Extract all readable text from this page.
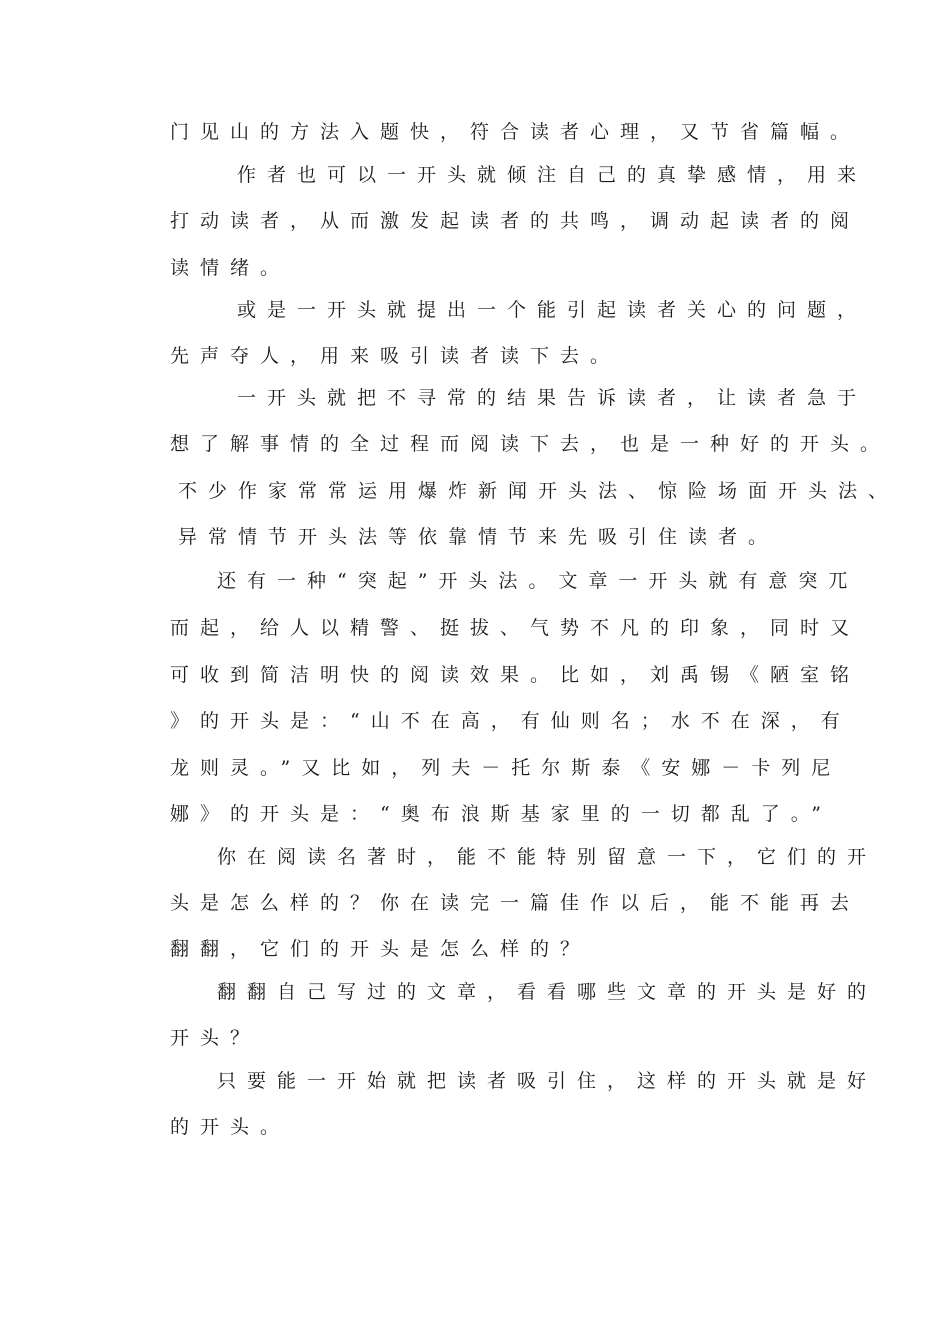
门见山的方法入题快，符合读者心理，又节省篇幅。
作者也可以一开头就倾注自己的真挚感情，用来
打动读者，从而激发起读者的共鸣，调动起读者的阅
读情绪。
或是一开头就提出一个能引起读者关心的问题，
先声夺人，用来吸引读者读下去。
一开头就把不寻常的结果告诉读者，让读者急于
想了解事情的全过程而阅读下去，也是一种好的开头。
不少作家常常运用爆炸新闻开头法、惊险场面开头法、
异常情节开头法等依靠情节来先吸引住读者。
还有一种“突起”开头法。文章一开头就有意突兀
而起，给人以精警、挺拔、气势不凡的印象，同时又
可收到简洁明快的阅读效果。比如，刘禹锡《陋室铭
》的开头是：“山不在高，有仙则名；水不在深，有
龙则灵。”又比如，列夫－托尔斯泰《安娜－卡列尼
娜》的开头是：“奥布浪斯基家里的一切都乱了。”
你在阅读名著时，能不能特别留意一下，它们的开
头是怎么样的？你在读完一篇佳作以后，能不能再去
翻翻，它们的开头是怎么样的？
翻翻自己写过的文章，看看哪些文章的开头是好的
开头？
只要能一开始就把读者吸引住，这样的开头就是好
的开头。
